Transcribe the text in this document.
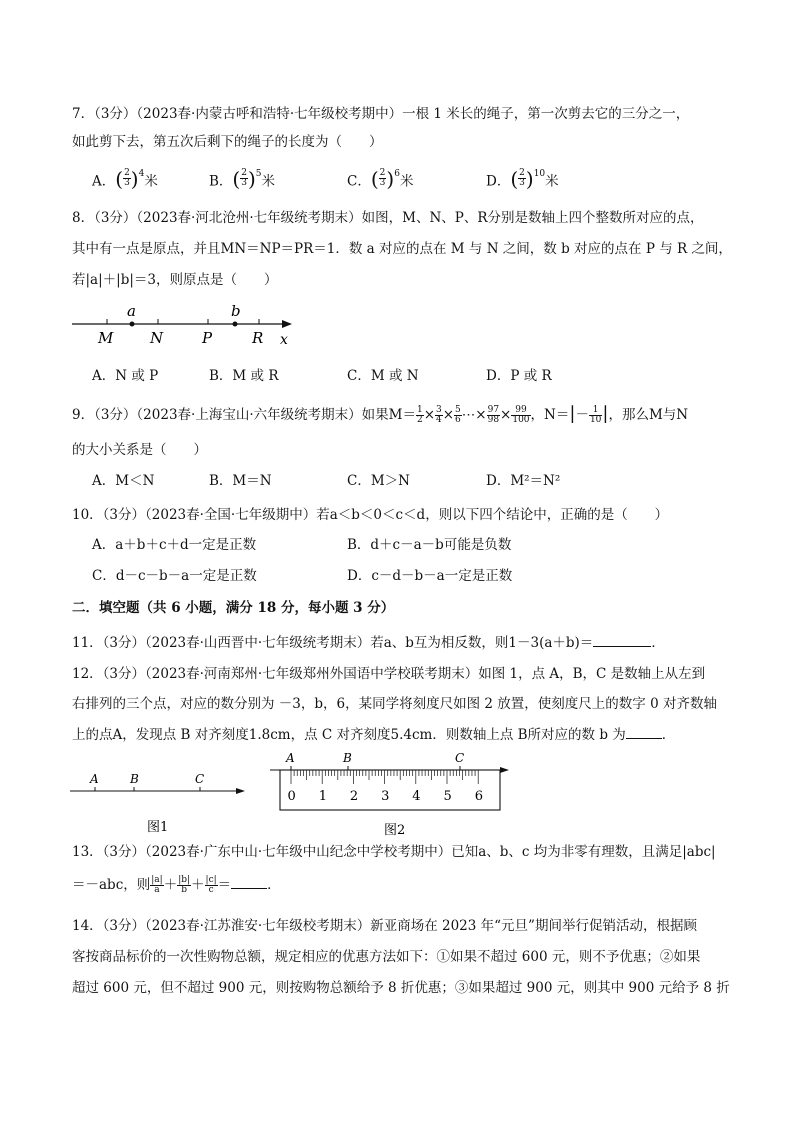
7．（3分）（2023春·内蒙古呼和浩特·七年级校考期中）一根 1 米长的绳子，第一次剪去它的三分之一，
如此剪下去，第五次后剩下的绳子的长度为（　　）
A． ( $\frac{2}{3}$ ) $^4$米	B． ( $\frac{2}{3}$ ) $^5$米	C． ( $\frac{2}{3}$ ) $^6$米	D． ( $\frac{2}{3}$ ) $^{10}$米
8．（3分）（2023春·河北沧州·七年级统考期末）如图，M、N、P、R分别是数轴上四个整数所对应的点，
其中有一点是原点，并且MN＝NP＝PR＝1．数 a 对应的点在 M 与 N 之间，数 b 对应的点在 P 与 R 之间，
若|a|＋|b|＝3，则原点是（　　）
a	b
M N	P	R x
A．N 或 P	B．M 或 R	C．M 或 N	D．P 或 R
9．（3分）（2023春·上海宝山·六年级统考期末）如果$M= \frac{1}{2} \times \frac{3}{4} \times \frac{5}{6}$ ⋯× $\frac{97}{98} \times \frac{99}{100}$ ，$N=|- \frac{1}{10}$ |，那么M与N
的大小关系是（　　）
A．M＜N	B．M＝N	C．M＞N	D．M²＝N²
10．（3分）（2023春·全国·七年级期中）若a＜b＜0＜c＜d，则以下四个结论中，正确的是（　　）
A．a＋b＋c＋d一定是正数	B．d＋c－a－b可能是负数
C．d－c－b－a一定是正数	D．c－d－b－a一定是正数
二．填空题（共 6 小题，满分 18 分，每小题 3 分）
11．（3分）（2023春·山西晋中·七年级统考期末）若a、b互为相反数，则1－3(a＋b)＝	．
12．（3分）（2023春·河南郑州·七年级郑州外国语中学校联考期末）如图 1，点 A，B，C 是数轴上从左到
右排列的三个点，对应的数分别为 －3，b，6，某同学将刻度尺如图 2 放置，使刻度尺上的数字 0 对齐数轴
上的点A，发现点 B 对齐刻度1.8cm，点 C 对齐刻度5.4cm．则数轴上点 B所对应的数 b 为	．
A	B	C
图1
A	B	C
0 1 2 3 4 5 6
图2
13．（3分）（2023春·广东中山·七年级中山纪念中学校考期中）已知a、b、c 均为非零有理数，且满足|abc|
＝－abc，则 $\frac{|a|}{a} + \frac{|b|}{b} + \frac{|c|}{c}$ ＝	．
14．（3分）（2023春·江苏淮安·七年级校考期末）新亚商场在 2023 年“元旦”期间举行促销活动，根据顾
客按商品标价的一次性购物总额，规定相应的优惠方法如下：①如果不超过 600 元，则不予优惠；②如果
超过 600 元，但不超过 900 元，则按购物总额给予 8 折优惠；③如果超过 900 元，则其中 900 元给予 8 折
